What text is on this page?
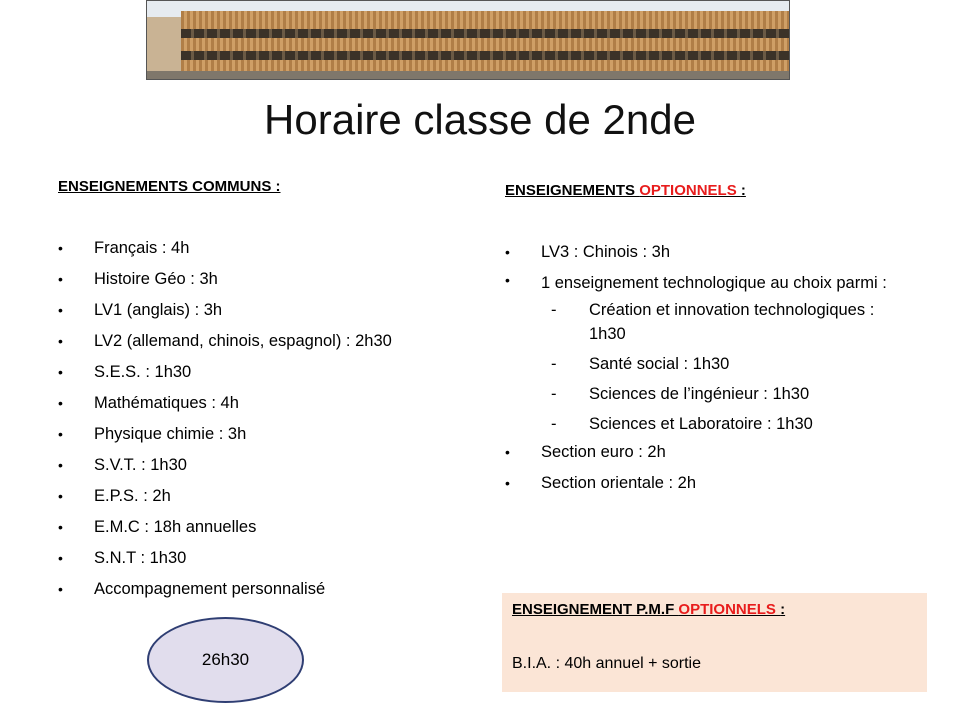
Horaire classe de 2nde
ENSEIGNEMENTS COMMUNS :
• Français : 4h
• Histoire Géo : 3h
• LV1 (anglais) : 3h
• LV2 (allemand, chinois, espagnol) : 2h30
• S.E.S. : 1h30
• Mathématiques : 4h
• Physique chimie : 3h
• S.V.T. : 1h30
• E.P.S. : 2h
• E.M.C : 18h annuelles
• S.N.T : 1h30
• Accompagnement personnalisé
26h30
ENSEIGNEMENTS OPTIONNELS :
• LV3 : Chinois : 3h
• 1 enseignement technologique au choix parmi :
- Création et innovation technologiques : 1h30
- Santé social : 1h30
- Sciences de l’ingénieur : 1h30
- Sciences et Laboratoire : 1h30
• Section euro : 2h
• Section orientale : 2h
ENSEIGNEMENT P.M.F OPTIONNELS :
B.I.A. : 40h annuel + sortie
